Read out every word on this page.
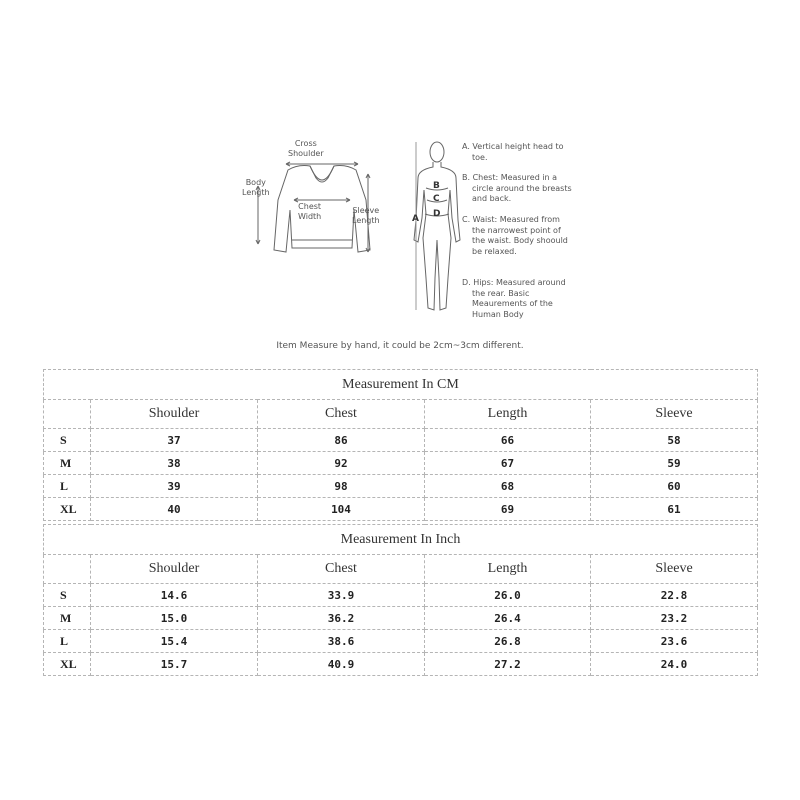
Cross
Shoulder
Body
Length
Chest
Width
Sleeve
Length	A
B
C
D
A. Vertical height head to toe.
B. Chest: Measured in a circle around the breasts and back.
C. Waist: Measured from the narrowest point of the waist. Body shoould be relaxed.
D. Hips: Measured around the rear. Basic Meaurements of the Human Body
Item Measure by hand, it could be 2cm~3cm different.
Measurement In CM				
	Shoulder	Chest	Length	Sleeve
S	37	86	66	58
M	38	92	67	59
L	39	98	68	60
XL	40	104	69	61
Measurement In Inch				
	Shoulder	Chest	Length	Sleeve
S	14.6	33.9	26.0	22.8
M	15.0	36.2	26.4	23.2
L	15.4	38.6	26.8	23.6
XL	15.7	40.9	27.2	24.0
